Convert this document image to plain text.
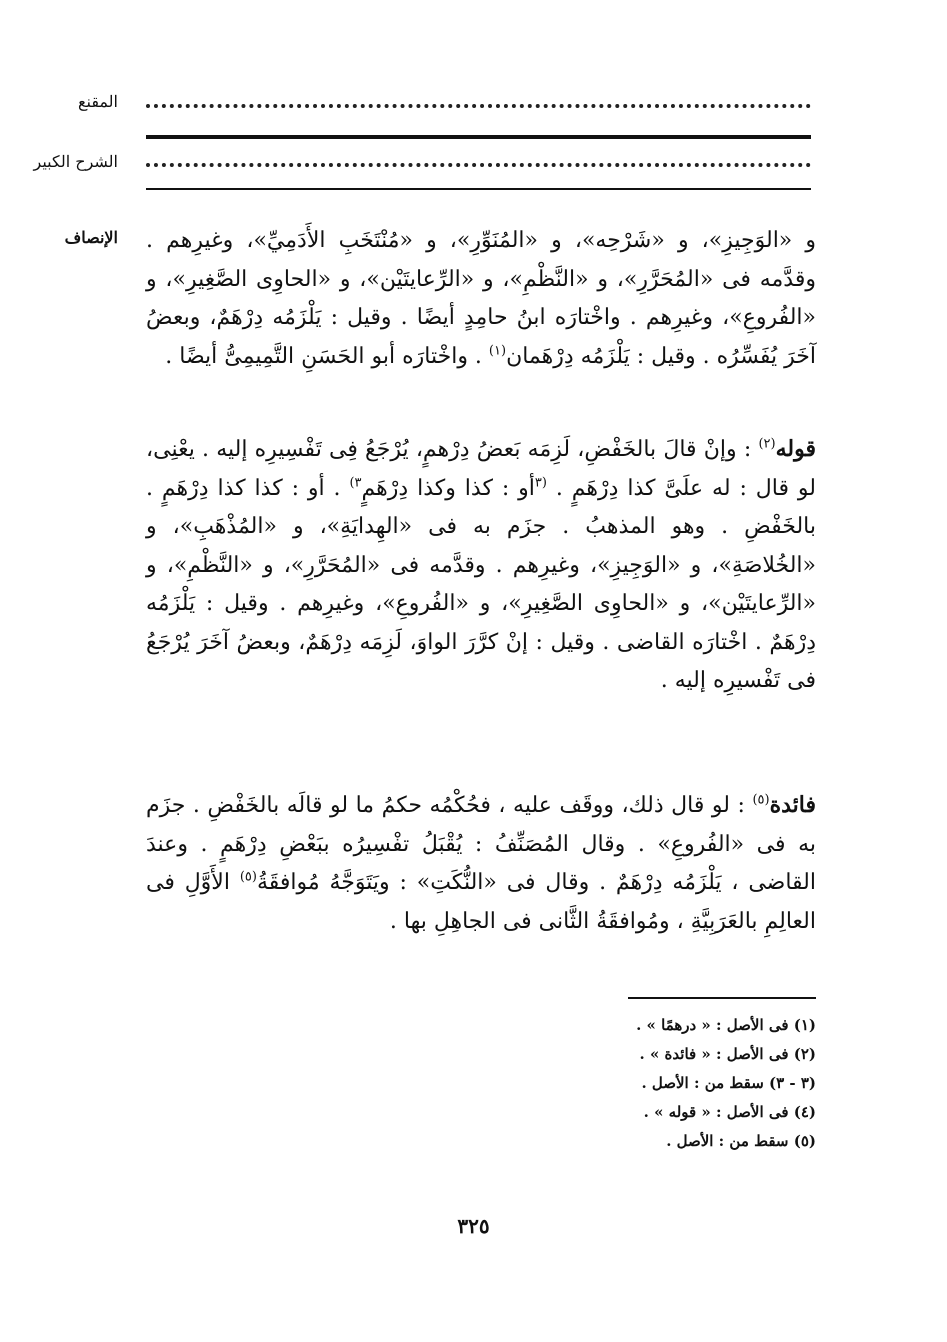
المقنع
الشرح الكبير
الإنصاف و «الوَجِيزِ»، و «شَرْحِه»، و «المُنَوِّرِ»، و «مُنْتَخَبِ الأَدَمِيِّ»، وغيرِهم . وقدَّمه فى «المُحَرَّرِ»، و «النَّظْمِ»، و «الرِّعايتَيْن»، و «الحاوِى الصَّغِيرِ»، و «الفُروعِ»، وغيرِهم . واخْتارَه ابنُ حامِدٍ أيضًا . وقيل : يَلْزَمُه دِرْهَمٌ، وبعضُ آخَرَ يُفَسِّرُه . وقيل : يَلْزَمُه دِرْهَمان$^{(١)}$ . واخْتارَه أبو الحَسَنِ التَّمِيمِىُّ أيضًا .

قوله$^{(٢)}$ : وإنْ قالَ بالخَفْضِ، لَزِمَه بَعضُ دِرْهمٍ، يُرْجَعُ فِى تَفْسِيرِه إليه . يعْنِى، لو قال : له علَىَّ كذا دِرْهَمٍ . $^{(٣}$أو : كذا وكذا دِرْهَمٍ$^{٣)}$ . أو : كذا كذا دِرْهَمٍ . بالخَفْضِ . وهو المذهبُ . جزَم به فى «الهِدايَةِ»، و «المُذْهَبِ»، و «الخُلاصَةِ»، و «الوَجِيزِ»، وغيرِهم . وقدَّمه فى «المُحَرَّرِ»، و «النَّظْمِ»، و «الرِّعايتَيْن»، و «الحاوِى الصَّغِيرِ»، و «الفُروعِ»، وغيرِهم . وقيل : يَلْزَمُه دِرْهَمٌ . اخْتارَه القاضى . وقيل : إنْ كرَّرَ الواوَ، لَزِمَه دِرْهَمٌ، وبعضُ آخَرَ يُرْجَعُ فى تَفْسيرِه إليه .

فائدة$^{(٥)}$ : لو قال ذلك، ووقَف عليه ، فحُكْمُه حكمُ ما لو قالَه بالخَفْضِ . جزَم به فى «الفُروعِ» . وقال المُصَنِّفُ : يُقْبَلُ تفْسِيرُه ببَعْضِ دِرْهَمٍ . وعندَ القاضى ، يَلْزَمُه دِرْهَمٌ . وقال فى «النُّكَتِ» : ويَتَوَجَّهُ مُوافقَةُ$^{(٥)}$ الأَوَّلِ فى العالِمِ بالعَرَبِيَّةِ ، ومُوافقَةُ الثَّانى فى الجاهِلِ بها .

(١) فى الأصل : « درهمًا » .
(٢) فى الأصل : « فائدة » .
(٣ - ٣) سقط من : الأصل .
(٤) فى الأصل : « قوله » .
(٥) سقط من : الأصل .
٣٢٥
